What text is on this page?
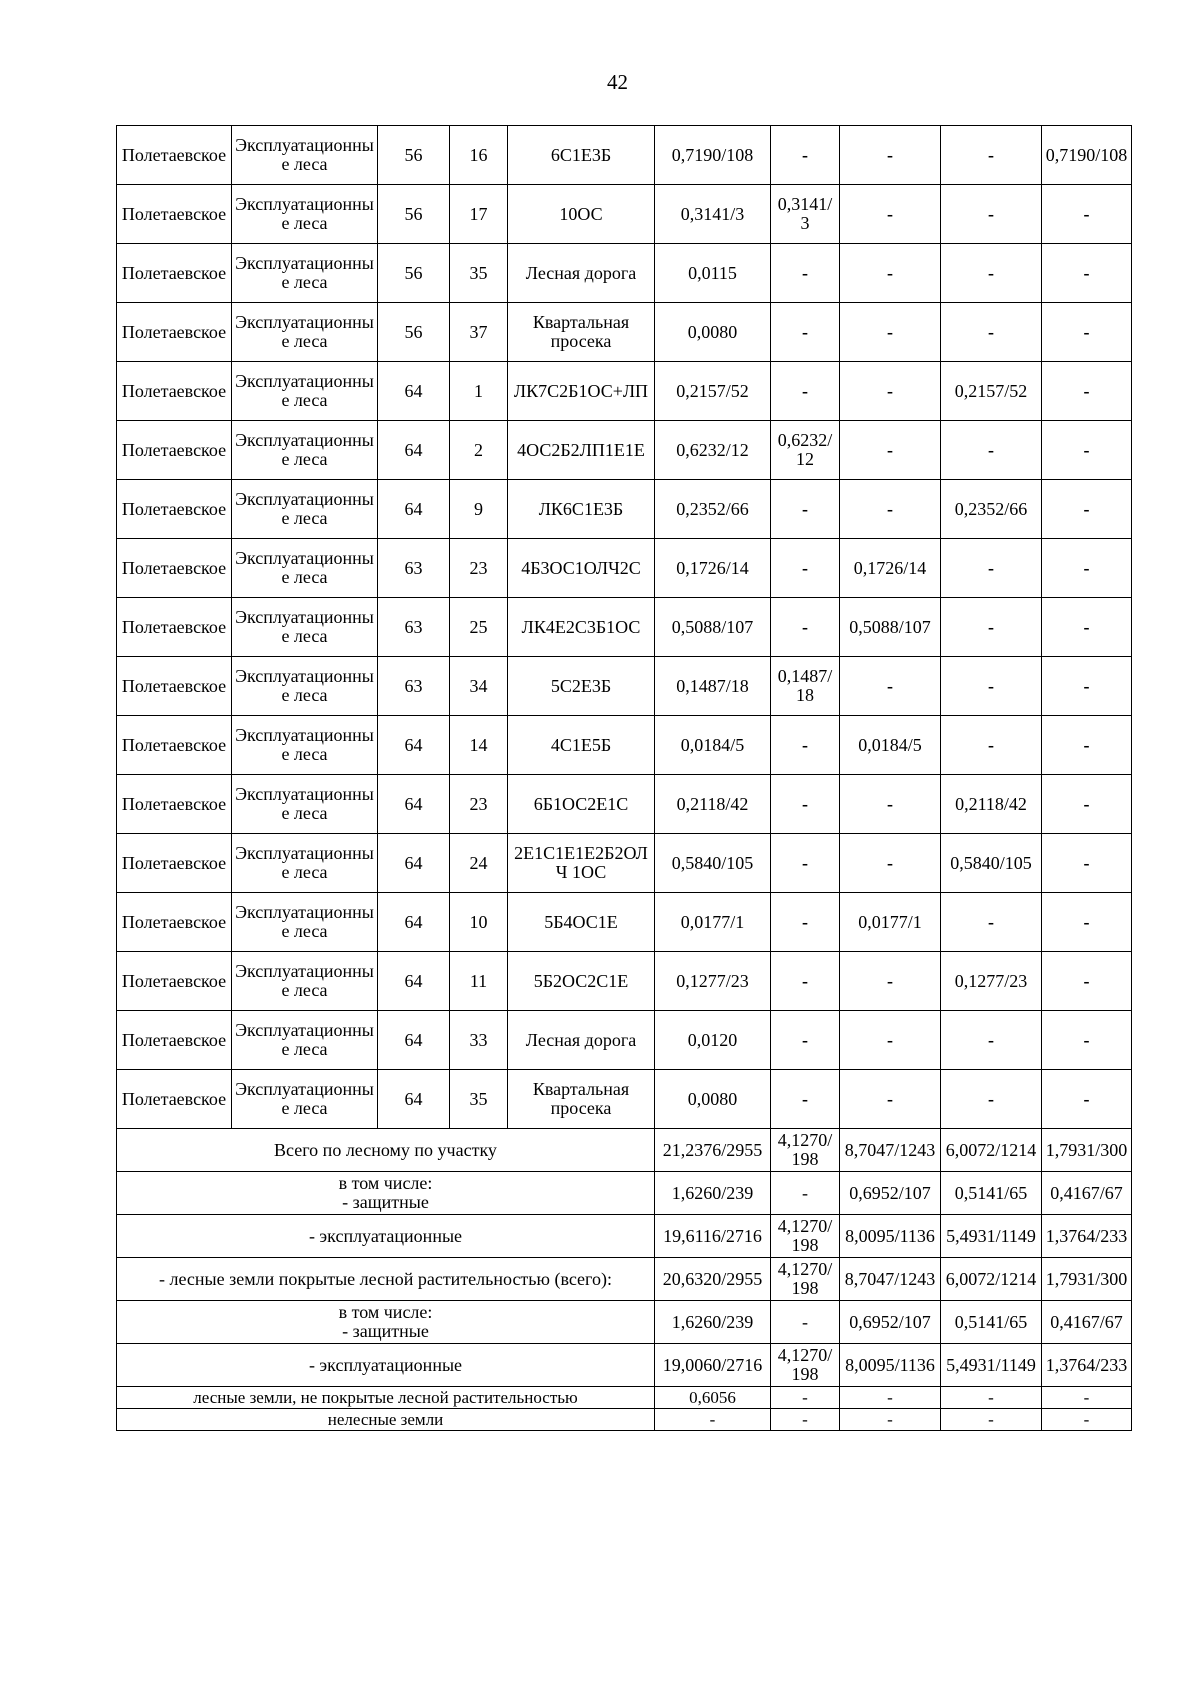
42
Полетаевское	Эксплуатационные леса	56	16	6С1Е3Б	0,7190/108	-	-	-	0,7190/108
Полетаевское	Эксплуатационные леса	56	17	10ОС	0,3141/3	0,3141/ 3	-	-	-
Полетаевское	Эксплуатационные леса	56	35	Лесная дорога	0,0115	-	-	-	-
Полетаевское	Эксплуатационные леса	56	37	Квартальная просека	0,0080	-	-	-	-
Полетаевское	Эксплуатационные леса	64	1	ЛК7С2Б1ОС+ЛП	0,2157/52	-	-	0,2157/52	-
Полетаевское	Эксплуатационные леса	64	2	4ОС2Б2ЛП1Е1Е	0,6232/12	0,6232/ 12	-	-	-
Полетаевское	Эксплуатационные леса	64	9	ЛК6С1Е3Б	0,2352/66	-	-	0,2352/66	-
Полетаевское	Эксплуатационные леса	63	23	4Б3ОС1ОЛЧ2С	0,1726/14	-	0,1726/14	-	-
Полетаевское	Эксплуатационные леса	63	25	ЛК4Е2С3Б1ОС	0,5088/107	-	0,5088/107	-	-
Полетаевское	Эксплуатационные леса	63	34	5С2Е3Б	0,1487/18	0,1487/ 18	-	-	-
Полетаевское	Эксплуатационные леса	64	14	4С1Е5Б	0,0184/5	-	0,0184/5	-	-
Полетаевское	Эксплуатационные леса	64	23	6Б1ОС2Е1С	0,2118/42	-	-	0,2118/42	-
Полетаевское	Эксплуатационные леса	64	24	2Е1С1Е1Е2Б2ОЛЧ 1ОС	0,5840/105	-	-	0,5840/105	-
Полетаевское	Эксплуатационные леса	64	10	5Б4ОС1Е	0,0177/1	-	0,0177/1	-	-
Полетаевское	Эксплуатационные леса	64	11	5Б2ОС2С1Е	0,1277/23	-	-	0,1277/23	-
Полетаевское	Эксплуатационные леса	64	33	Лесная дорога	0,0120	-	-	-	-
Полетаевское	Эксплуатационные леса	64	35	Квартальная просека	0,0080	-	-	-	-
Всего по лесному по участку					21,2376/2955	4,1270/ 198	8,7047/1243	6,0072/1214	1,7931/300
в том числе:
- защитные					1,6260/239	-	0,6952/107	0,5141/65	0,4167/67
- эксплуатационные					19,6116/2716	4,1270/ 198	8,0095/1136	5,4931/1149	1,3764/233
- лесные земли покрытые лесной растительностью (всего):					20,6320/2955	4,1270/ 198	8,7047/1243	6,0072/1214	1,7931/300
в том числе:
- защитные					1,6260/239	-	0,6952/107	0,5141/65	0,4167/67
- эксплуатационные					19,0060/2716	4,1270/ 198	8,0095/1136	5,4931/1149	1,3764/233
лесные земли, не покрытые лесной растительностью					0,6056	-	-	-	-
нелесные земли					-	-	-	-	-
